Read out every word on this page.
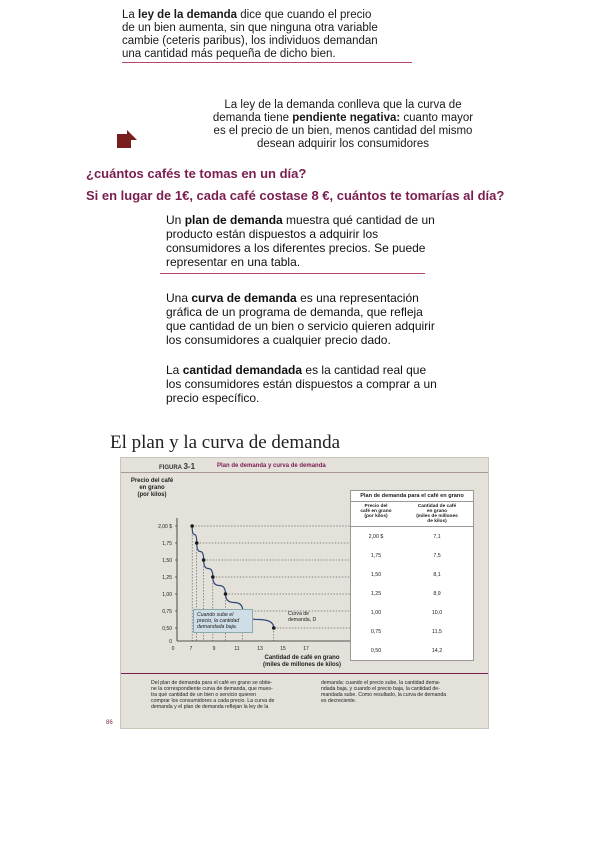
La ley de la demanda dice que cuando el precio
de un bien aumenta, sin que ninguna otra variable
cambie (ceteris paribus), los individuos demandan
una cantidad más pequeña de dicho bien.
La ley de la demanda conlleva que la curva de
demanda tiene pendiente negativa: cuanto mayor
es el precio de un bien, menos cantidad del mismo
desean adquirir los consumidores
¿cuántos cafés te tomas en un día?
Si en lugar de 1€, cada café costase 8 €, cuántos te tomarías al día?
Un plan de demanda muestra qué cantidad de un
producto están dispuestos a adquirir los
consumidores a los diferentes precios. Se puede
representar en una tabla.
Una curva de demanda es una representación
gráfica de un programa de demanda, que refleja
que cantidad de un bien o servicio quieren adquirir
los consumidores a cualquier precio dado.
La cantidad demandada es la cantidad real que
los consumidores están dispuestos a comprar a un
precio específico.
El plan y la curva de demanda
FIGURA 3-1	Plan de demanda y curva de demanda
Precio del café
en grano
(por kilos)
0
0,50
0,75
1,00
1,25
1,50
1,75
2,00 $
0	7	9	11	13	15	17
Curva de
demanda, D
Cuando sube el
precio, la cantidad
demandada baja.
Cantidad de café en grano
(miles de millones de kilos)
Plan de demanda para el café en grano
Precio del
café en grano
(por kilos)
Cantidad de café
en grano
(miles de millones
de kilos)
2,00 $	7,1
1,75	7,5
1,50	8,1
1,25	8,9
1,00	10,0
0,75	11,5
0,50	14,2
Del plan de demanda para el café en grano se obtie-
ne la correspondiente curva de demanda, que mues-
tra qué cantidad de un bien o servicio quieren
comprar los consumidores a cada precio. La curva de
demanda y el plan de demanda reflejan la ley de la
demanda: cuando el precio sube, la cantidad dema-
ndada baja, y cuando el precio baja, la cantidad de-
mandada sube. Como resultado, la curva de demanda
es decreciente.
86
